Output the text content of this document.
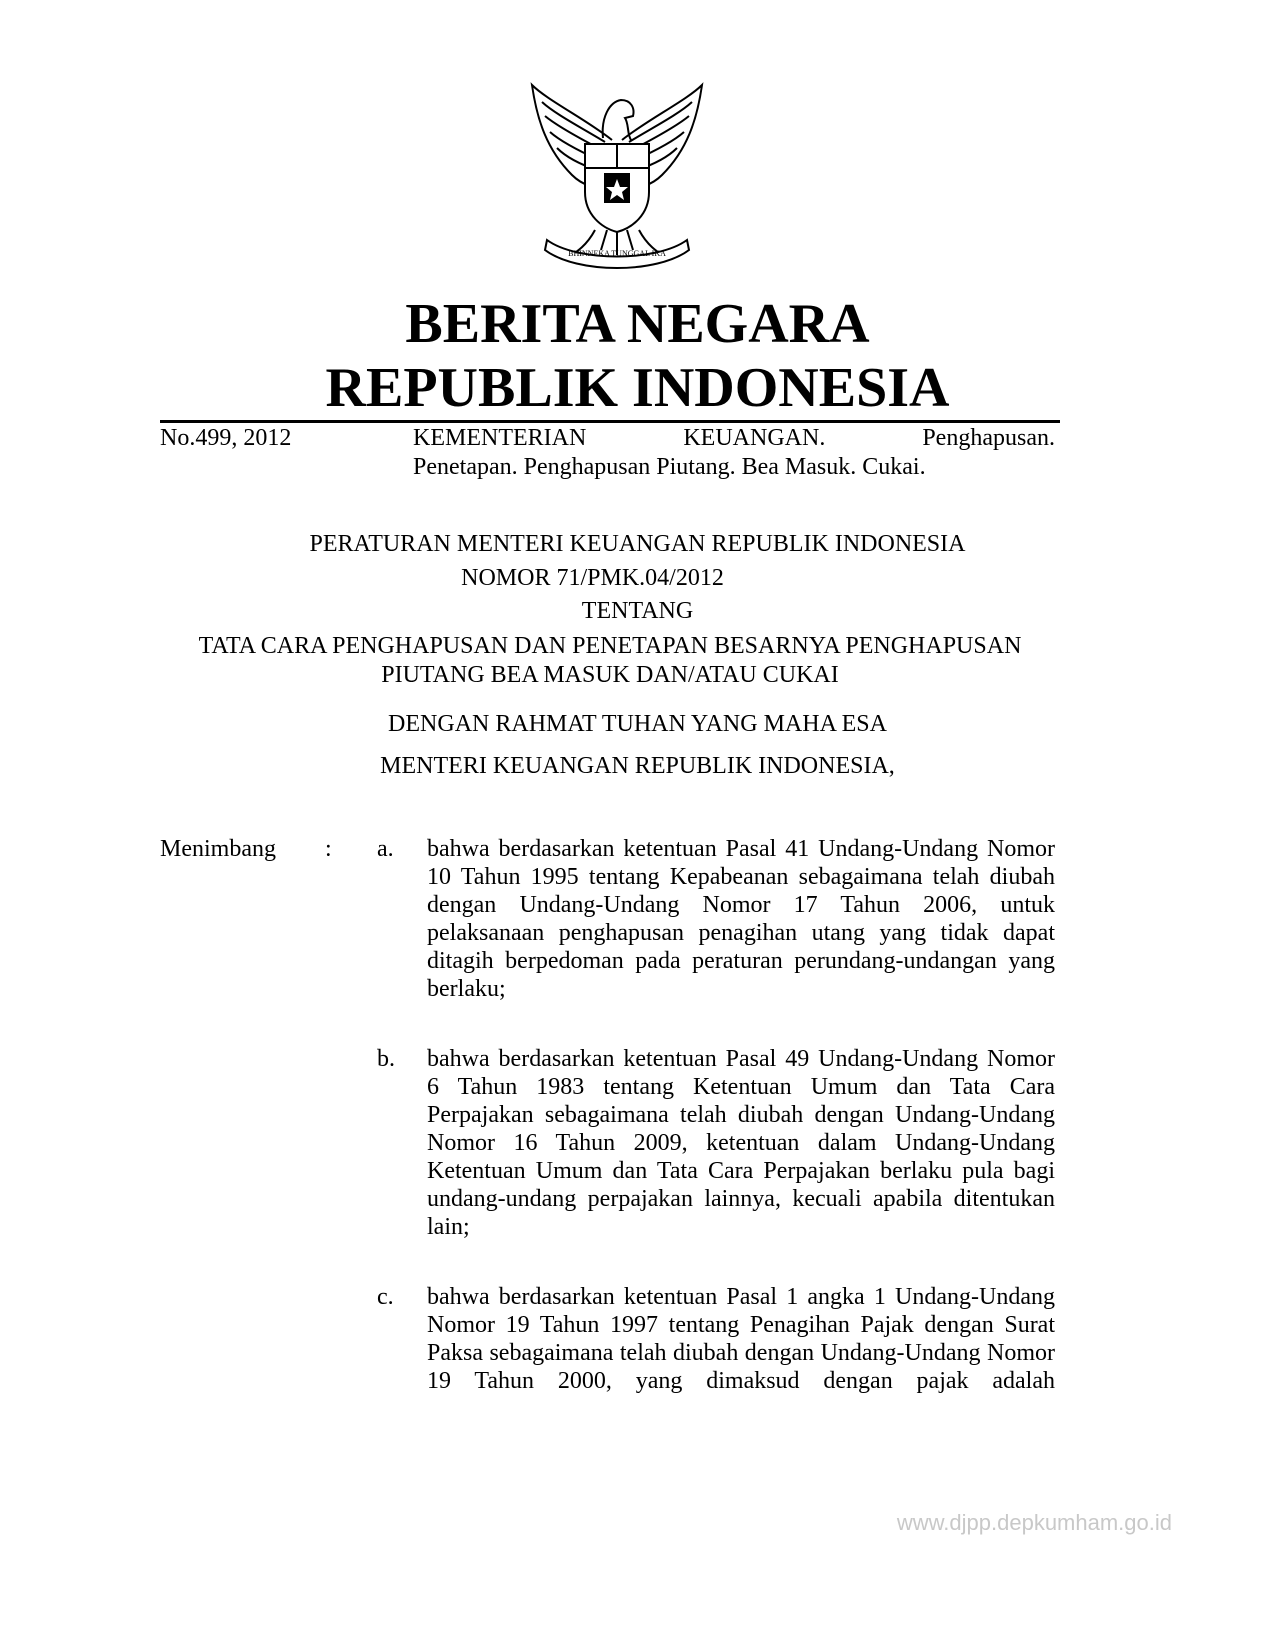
BHINNEKA TUNGGAL IKA
BERITA NEGARA
REPUBLIK INDONESIA
No.499, 2012	KEMENTERIAN	KEUANGAN.	Penghapusan.
Penetapan. Penghapusan Piutang. Bea Masuk. Cukai.
PERATURAN MENTERI KEUANGAN REPUBLIK INDONESIA
NOMOR 71/PMK.04/2012
TENTANG
TATA CARA PENGHAPUSAN DAN PENETAPAN BESARNYA PENGHAPUSAN PIUTANG BEA MASUK DAN/ATAU CUKAI
DENGAN RAHMAT TUHAN YANG MAHA ESA
MENTERI KEUANGAN REPUBLIK INDONESIA,
Menimbang : a. bahwa berdasarkan ketentuan Pasal 41 Undang-Undang Nomor 10 Tahun 1995 tentang Kepabeanan sebagaimana telah diubah dengan Undang-Undang Nomor 17 Tahun 2006, untuk pelaksanaan penghapusan penagihan utang yang tidak dapat ditagih berpedoman pada peraturan perundang-undangan yang berlaku;
b. bahwa berdasarkan ketentuan Pasal 49 Undang-Undang Nomor 6 Tahun 1983 tentang Ketentuan Umum dan Tata Cara Perpajakan sebagaimana telah diubah dengan Undang-Undang Nomor 16 Tahun 2009, ketentuan dalam Undang-Undang Ketentuan Umum dan Tata Cara Perpajakan berlaku pula bagi undang-undang perpajakan lainnya, kecuali apabila ditentukan lain;
c. bahwa berdasarkan ketentuan Pasal 1 angka 1 Undang-Undang Nomor 19 Tahun 1997 tentang Penagihan Pajak dengan Surat Paksa sebagaimana telah diubah dengan Undang-Undang Nomor 19 Tahun 2000, yang dimaksud dengan pajak adalah
www.djpp.depkumham.go.id
